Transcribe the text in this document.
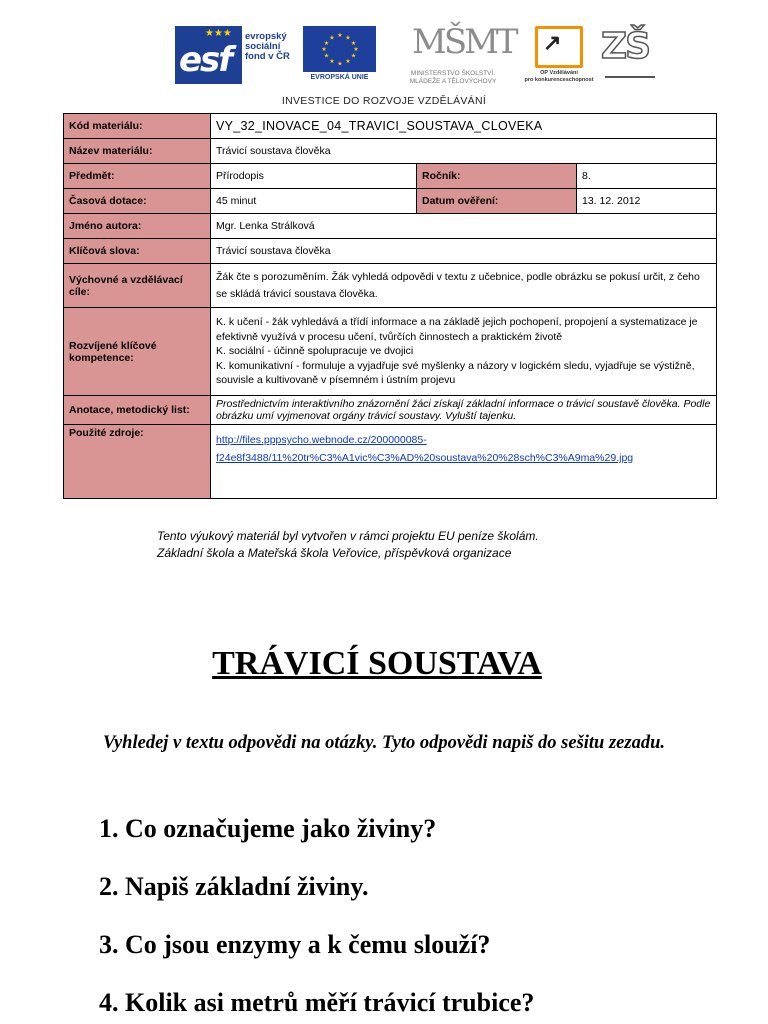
★★★
esf
evropský
sociální
fond v ČR
★ ★
★
★
★
★
★
★
★
★
★
★
EVROPSKÁ UNIE
MŠMT
MINISTERSTVO ŠKOLSTVÍ,
MLÁDEŽE A TĚLOVÝCHOVY
↗
OP Vzdělávání
pro konkurenceschopnost
ZŠ
INVESTICE DO ROZVOJE VZDĚLÁVÁNÍ
Kód materiálu:	VY_32_INOVACE_04_TRAVICI_SOUSTAVA_CLOVEKA		
Název materiálu:	Trávicí soustava člověka		
Předmět:	Přírodopis	Ročník:	8.
Časová dotace:	45 minut	Datum ověření:	13. 12. 2012
Jméno autora:	Mgr. Lenka Strálková		
Klíčová slova:	Trávicí soustava člověka		
Výchovné a vzdělávací cíle:	Žák čte s porozuměním. Žák vyhledá odpovědi v textu z učebnice, podle obrázku se pokusí určit, z čeho se skládá trávicí soustava člověka.		
Rozvíjené klíčové kompetence:	K. k učení - žák vyhledává a třídí informace a na základě jejich pochopení, propojení a systematizace je efektivně využívá v procesu učení, tvůrčích činnostech a praktickém životě
K. sociální - účinně spolupracuje ve dvojici
K. komunikativní - formuluje a vyjadřuje své myšlenky a názory v logickém sledu, vyjadřuje se výstižně, souvisle a kultivovaně v písemném i ústním projevu		

Anotace, metodický list:	Prostřednictvím interaktivního znázornění žáci získají základní informace o trávicí soustavě člověka. Podle obrázku umí vyjmenovat orgány trávicí soustavy. Vyluští tajenku.		
Použité zdroje:	http://files.pppsycho.webnode.cz/200000085-
f24e8f3488/11%20tr%C3%A1vic%C3%AD%20soustava%20%28sch%C3%A9ma%29.jpg		
Tento výukový materiál byl vytvořen v rámci projektu EU peníze školám.
Základní škola a Mateřská škola Veřovice, příspěvková organizace
TRÁVICÍ SOUSTAVA
Vyhledej v textu odpovědi na otázky. Tyto odpovědi napiš do sešitu zezadu.
1. Co označujeme jako živiny?
2. Napiš základní živiny.
3. Co jsou enzymy a k čemu slouží?
4. Kolik asi metrů měří trávicí trubice?
